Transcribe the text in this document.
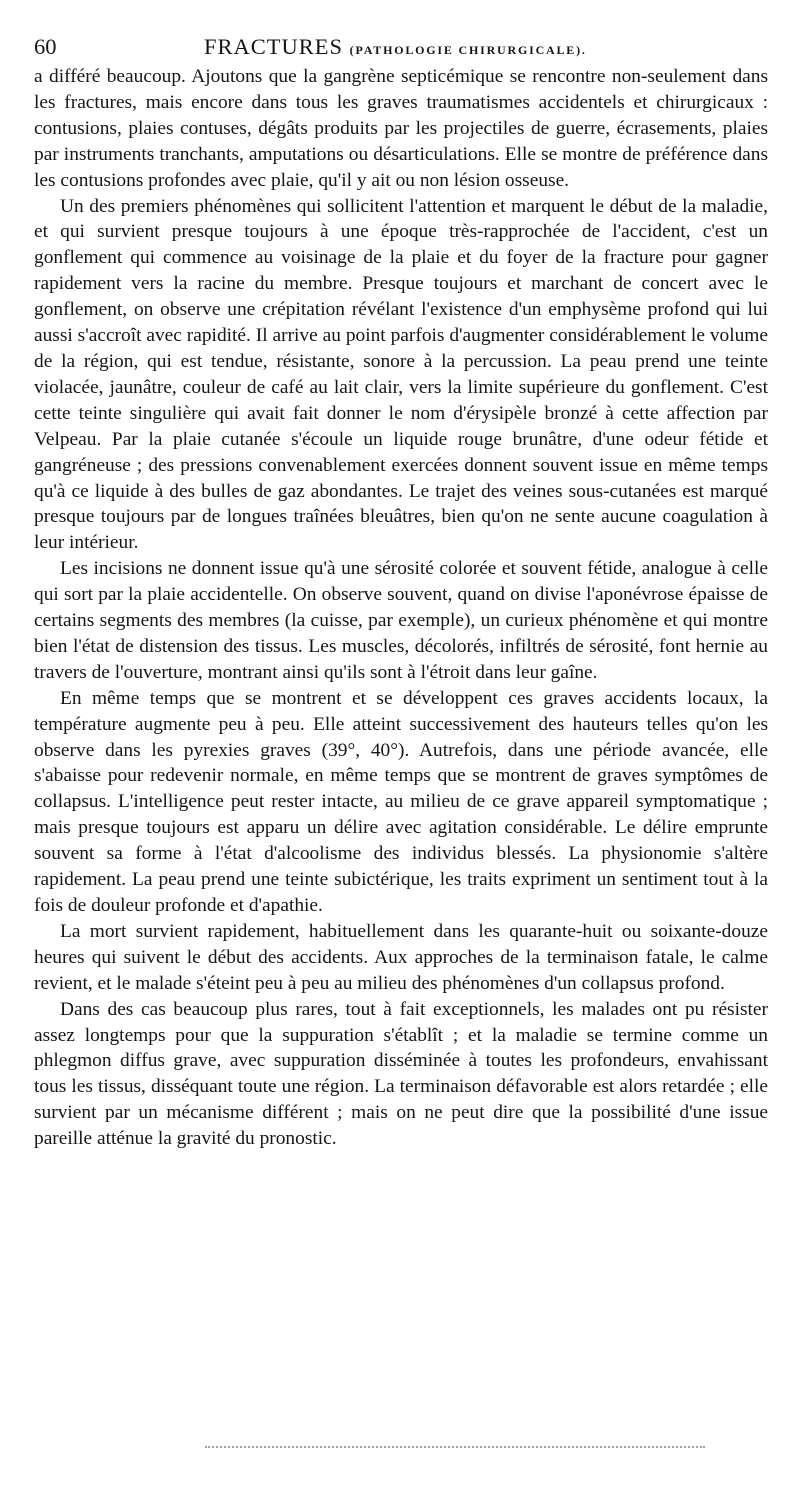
60	FRACTURES (PATHOLOGIE CHIRURGICALE).

a différé beaucoup. Ajoutons que la gangrène septicémique se rencontre non-seulement dans les fractures, mais encore dans tous les graves traumatismes accidentels et chirurgicaux : contusions, plaies contuses, dégâts produits par les projectiles de guerre, écrasements, plaies par instruments tranchants, amputations ou désarticulations. Elle se montre de préférence dans les contusions profondes avec plaie, qu'il y ait ou non lésion osseuse.

Un des premiers phénomènes qui sollicitent l'attention et marquent le début de la maladie, et qui survient presque toujours à une époque très-rapprochée de l'accident, c'est un gonflement qui commence au voisinage de la plaie et du foyer de la fracture pour gagner rapidement vers la racine du membre. Presque toujours et marchant de concert avec le gonflement, on observe une crépitation révélant l'existence d'un emphysème profond qui lui aussi s'accroît avec rapidité. Il arrive au point parfois d'augmenter considérablement le volume de la région, qui est tendue, résistante, sonore à la percussion. La peau prend une teinte violacée, jaunâtre, couleur de café au lait clair, vers la limite supérieure du gonflement. C'est cette teinte singulière qui avait fait donner le nom d'érysipèle bronzé à cette affection par Velpeau. Par la plaie cutanée s'écoule un liquide rouge brunâtre, d'une odeur fétide et gangréneuse ; des pressions convenablement exercées donnent souvent issue en même temps qu'à ce liquide à des bulles de gaz abondantes. Le trajet des veines sous-cutanées est marqué presque toujours par de longues traînées bleuâtres, bien qu'on ne sente aucune coagulation à leur intérieur.

Les incisions ne donnent issue qu'à une sérosité colorée et souvent fétide, analogue à celle qui sort par la plaie accidentelle. On observe souvent, quand on divise l'aponévrose épaisse de certains segments des membres (la cuisse, par exemple), un curieux phénomène et qui montre bien l'état de distension des tissus. Les muscles, décolorés, infiltrés de sérosité, font hernie au travers de l'ouverture, montrant ainsi qu'ils sont à l'étroit dans leur gaîne.

En même temps que se montrent et se développent ces graves accidents locaux, la température augmente peu à peu. Elle atteint successivement des hauteurs telles qu'on les observe dans les pyrexies graves (39°, 40°). Autrefois, dans une période avancée, elle s'abaisse pour redevenir normale, en même temps que se montrent de graves symptômes de collapsus. L'intelligence peut rester intacte, au milieu de ce grave appareil symptomatique ; mais presque toujours est apparu un délire avec agitation considérable. Le délire emprunte souvent sa forme à l'état d'alcoolisme des individus blessés. La physionomie s'altère rapidement. La peau prend une teinte subictérique, les traits expriment un sentiment tout à la fois de douleur profonde et d'apathie.

La mort survient rapidement, habituellement dans les quarante-huit ou soixante-douze heures qui suivent le début des accidents. Aux approches de la terminaison fatale, le calme revient, et le malade s'éteint peu à peu au milieu des phénomènes d'un collapsus profond.

Dans des cas beaucoup plus rares, tout à fait exceptionnels, les malades ont pu résister assez longtemps pour que la suppuration s'établît ; et la maladie se termine comme un phlegmon diffus grave, avec suppuration disséminée à toutes les profondeurs, envahissant tous les tissus, disséquant toute une région. La terminaison défavorable est alors retardée ; elle survient par un mécanisme différent ; mais on ne peut dire que la possibilité d'une issue pareille atténue la gravité du pronostic.
